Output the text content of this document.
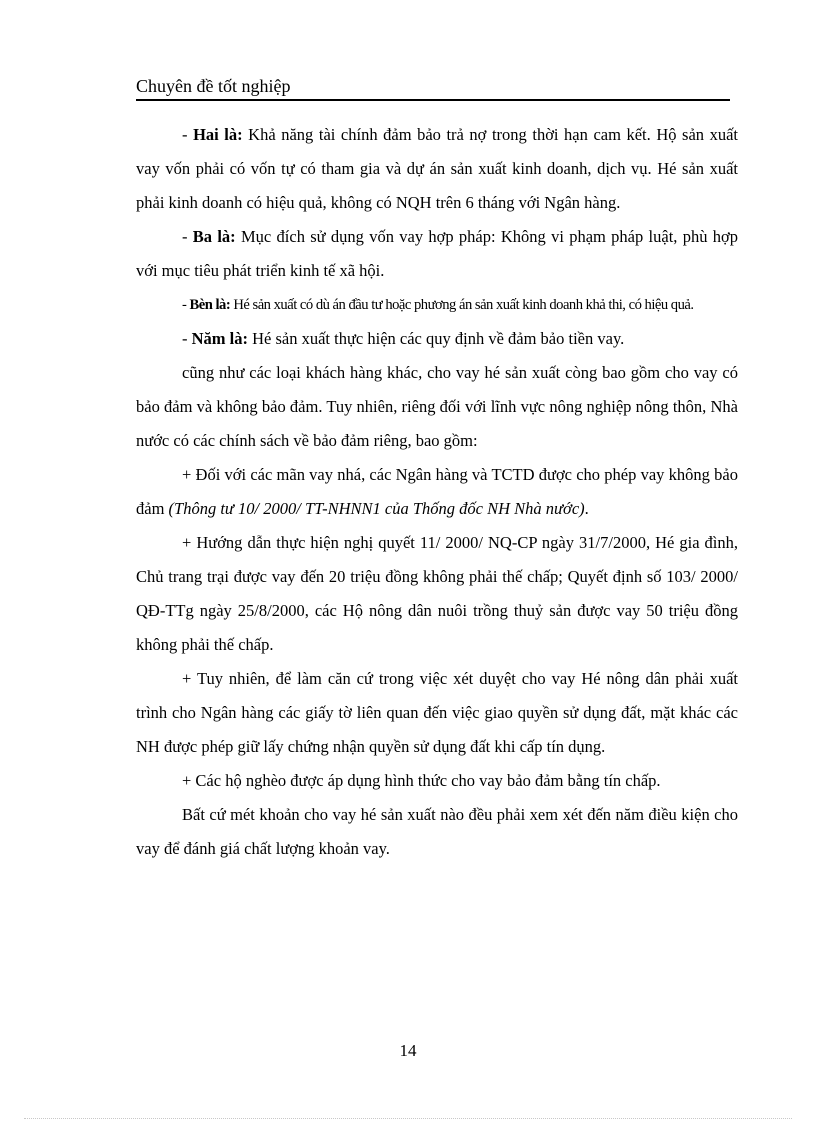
Chuyên đề tốt nghiệp

- Hai là: Khả năng tài chính đảm bảo trả nợ trong thời hạn cam kết. Hộ sản xuất vay vốn phải có vốn tự có tham gia và dự án sản xuất kinh doanh, dịch vụ. Hé sản xuất phải kinh doanh có hiệu quả, không có NQH trên 6 tháng với Ngân hàng.

- Ba là: Mục đích sử dụng vốn vay hợp pháp: Không vi phạm pháp luật, phù hợp với mục tiêu phát triển kinh tế xã hội.

- Bèn là: Hé sản xuất có dù án đầu tư hoặc phương án sản xuất kinh doanh khả thi, có hiệu quả.

- Năm là: Hé sản xuất thực hiện các quy định về đảm bảo tiền vay.

cũng như các loại khách hàng khác, cho vay hé sản xuất còng bao gồm cho vay có bảo đảm và không bảo đảm. Tuy nhiên, riêng đối với lĩnh vực nông nghiệp nông thôn, Nhà nước có các chính sách về bảo đảm riêng, bao gồm:

+ Đối với các mãn vay nhá, các Ngân hàng và TCTD được cho phép vay không bảo đảm (Thông tư 10/ 2000/ TT-NHNN1 của Thống đốc NH Nhà nước).

+ Hướng dẫn thực hiện nghị quyết 11/ 2000/ NQ-CP ngày 31/7/2000, Hé gia đình, Chủ trang trại được vay đến 20 triệu đồng không phải thế chấp; Quyết định số 103/ 2000/ QĐ-TTg ngày 25/8/2000, các Hộ nông dân nuôi trồng thuỷ sản được vay 50 triệu đồng không phải thế chấp.

+ Tuy nhiên, để làm căn cứ trong việc xét duyệt cho vay Hé nông dân phải xuất trình cho Ngân hàng các giấy tờ liên quan đến việc giao quyền sử dụng đất, mặt khác các NH được phép giữ lấy chứng nhận quyền sử dụng đất khi cấp tín dụng.

+ Các hộ nghèo được áp dụng hình thức cho vay bảo đảm bằng tín chấp.

Bất cứ mét khoản cho vay hé sản xuất nào đều phải xem xét đến năm điều kiện cho vay để đánh giá chất lượng khoản vay.

14
